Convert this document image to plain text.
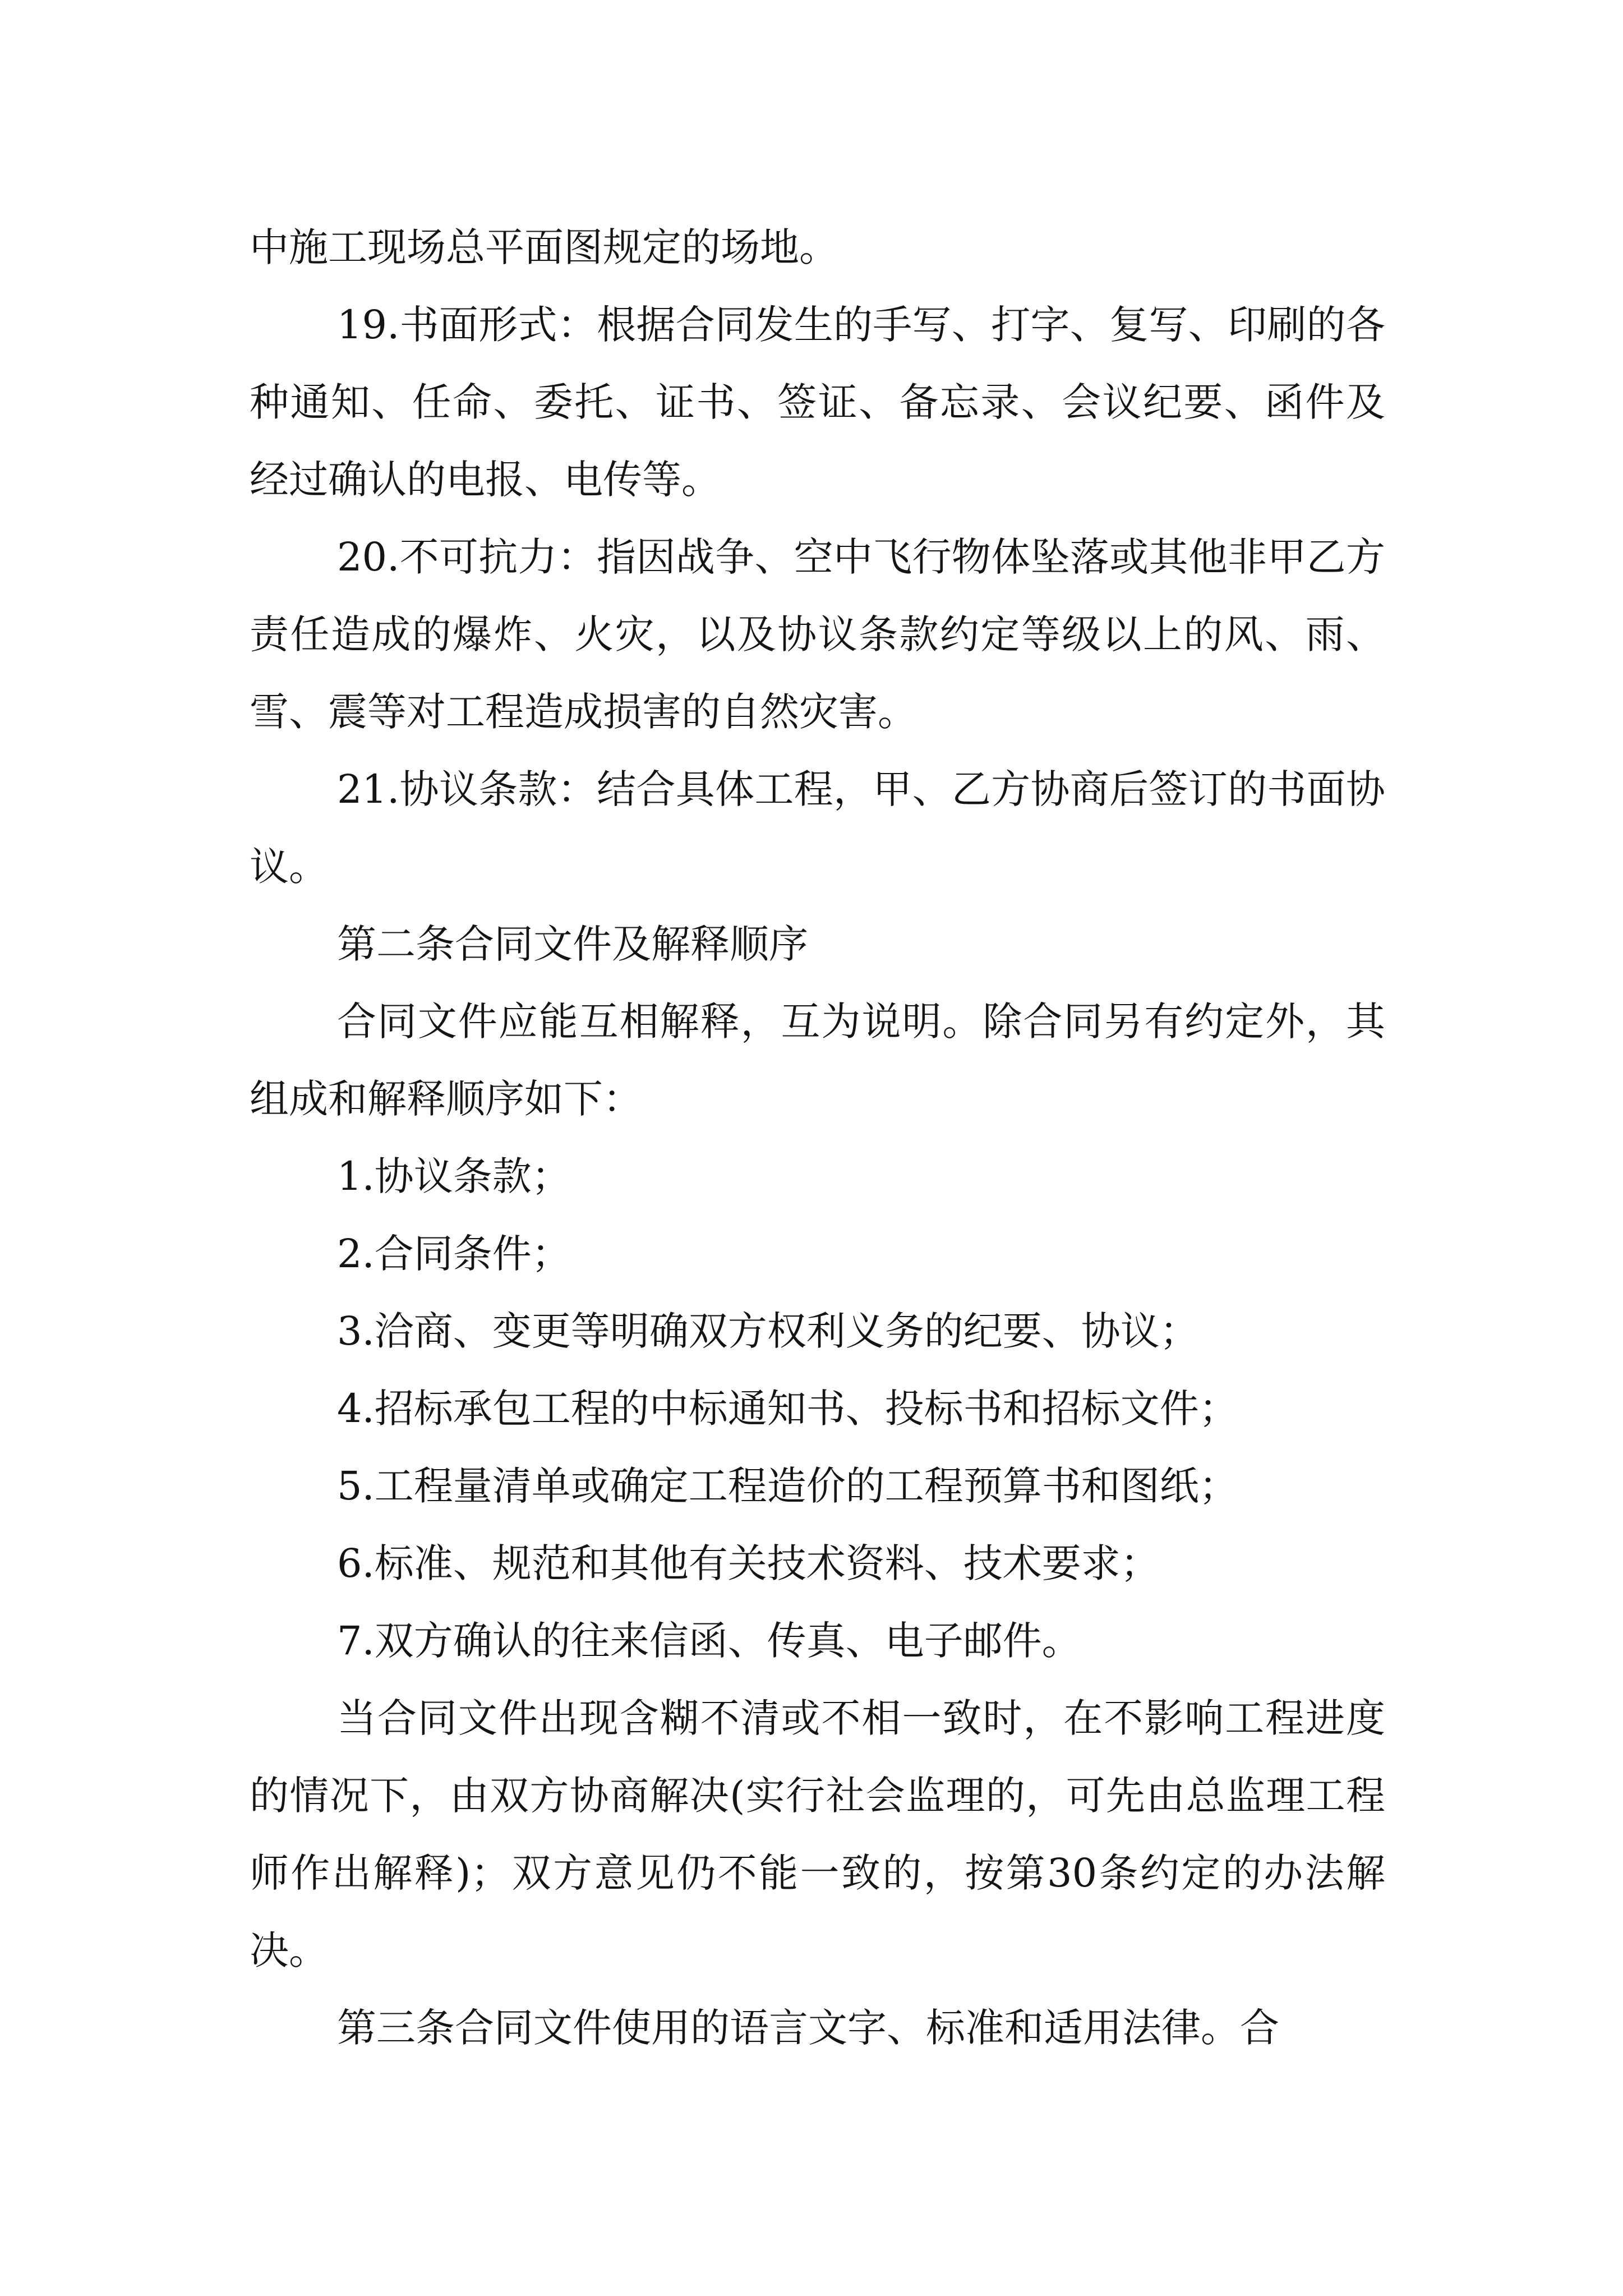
中施工现场总平面图规定的场地。

19.书面形式：根据合同发生的手写、打字、复写、印刷的各种通知、任命、委托、证书、签证、备忘录、会议纪要、函件及经过确认的电报、电传等。

20.不可抗力：指因战争、空中飞行物体坠落或其他非甲乙方责任造成的爆炸、火灾，以及协议条款约定等级以上的风、雨、雪、震等对工程造成损害的自然灾害。

21.协议条款：结合具体工程，甲、乙方协商后签订的书面协议。

第二条合同文件及解释顺序

合同文件应能互相解释，互为说明。除合同另有约定外，其组成和解释顺序如下：

1.协议条款；

2.合同条件；

3.洽商、变更等明确双方权利义务的纪要、协议；

4.招标承包工程的中标通知书、投标书和招标文件；

5.工程量清单或确定工程造价的工程预算书和图纸；

6.标准、规范和其他有关技术资料、技术要求；

7.双方确认的往来信函、传真、电子邮件。

当合同文件出现含糊不清或不相一致时，在不影响工程进度的情况下，由双方协商解决(实行社会监理的，可先由总监理工程师作出解释)；双方意见仍不能一致的，按第30条约定的办法解决。

第三条合同文件使用的语言文字、标准和适用法律。合
